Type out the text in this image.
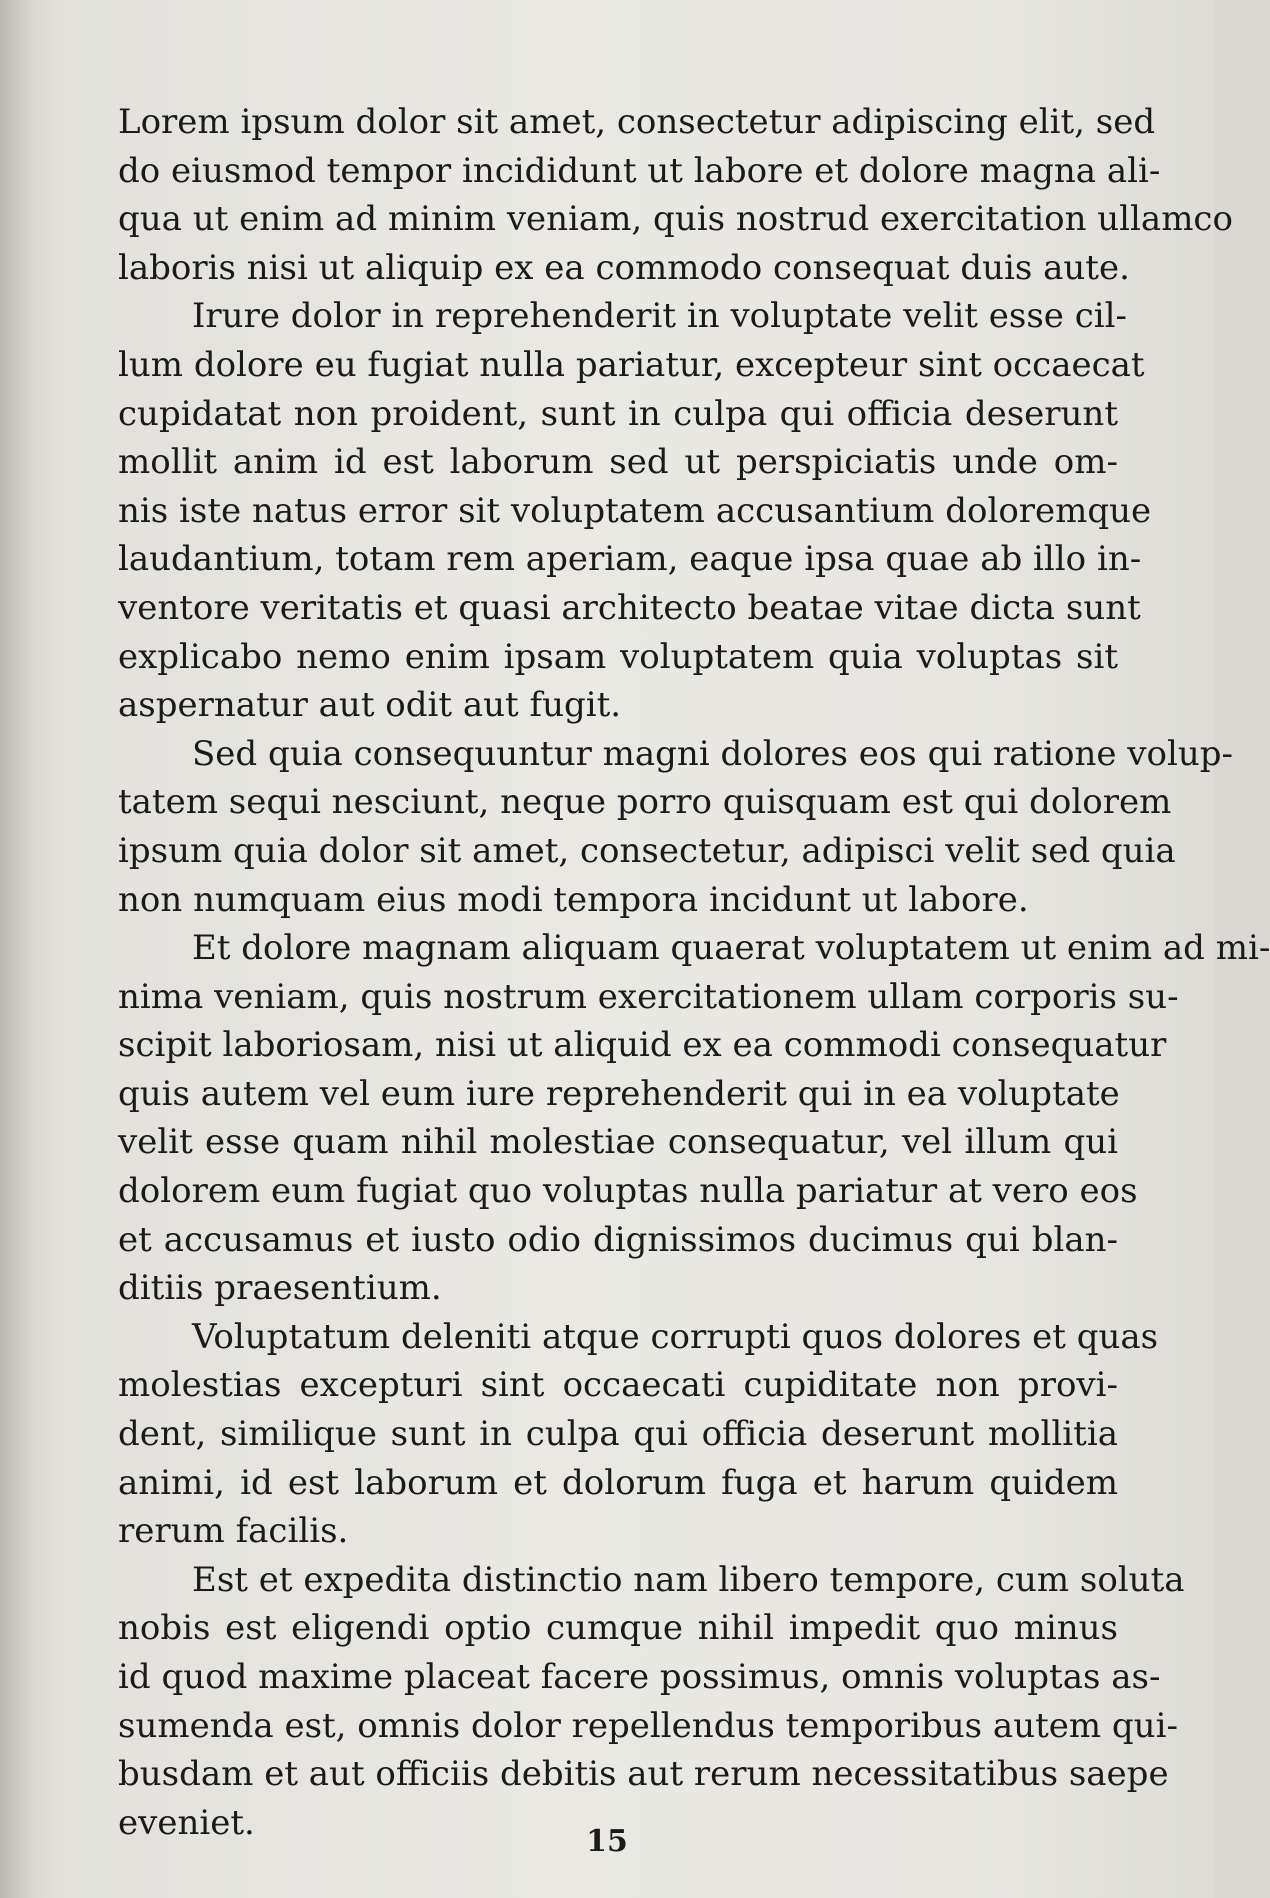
Lorem ipsum dolor sit amet, consectetur adipiscing elit, sed
do eiusmod tempor incididunt ut labore et dolore magna ali-
qua ut enim ad minim veniam, quis nostrud exercitation ullamco
laboris nisi ut aliquip ex ea commodo consequat duis aute.
Irure dolor in reprehenderit in voluptate velit esse cil-
lum dolore eu fugiat nulla pariatur, excepteur sint occaecat
cupidatat non proident, sunt in culpa qui officia deserunt
mollit anim id est laborum sed ut perspiciatis unde om-
nis iste natus error sit voluptatem accusantium doloremque
laudantium, totam rem aperiam, eaque ipsa quae ab illo in-
ventore veritatis et quasi architecto beatae vitae dicta sunt
explicabo nemo enim ipsam voluptatem quia voluptas sit
aspernatur aut odit aut fugit.
Sed quia consequuntur magni dolores eos qui ratione volup-
tatem sequi nesciunt, neque porro quisquam est qui dolorem
ipsum quia dolor sit amet, consectetur, adipisci velit sed quia
non numquam eius modi tempora incidunt ut labore.
Et dolore magnam aliquam quaerat voluptatem ut enim ad mi-
nima veniam, quis nostrum exercitationem ullam corporis su-
scipit laboriosam, nisi ut aliquid ex ea commodi consequatur
quis autem vel eum iure reprehenderit qui in ea voluptate
velit esse quam nihil molestiae consequatur, vel illum qui
dolorem eum fugiat quo voluptas nulla pariatur at vero eos
et accusamus et iusto odio dignissimos ducimus qui blan-
ditiis praesentium.
Voluptatum deleniti atque corrupti quos dolores et quas
molestias excepturi sint occaecati cupiditate non provi-
dent, similique sunt in culpa qui officia deserunt mollitia
animi, id est laborum et dolorum fuga et harum quidem
rerum facilis.
Est et expedita distinctio nam libero tempore, cum soluta
nobis est eligendi optio cumque nihil impedit quo minus
id quod maxime placeat facere possimus, omnis voluptas as-
sumenda est, omnis dolor repellendus temporibus autem qui-
busdam et aut officiis debitis aut rerum necessitatibus saepe
eveniet.	15
